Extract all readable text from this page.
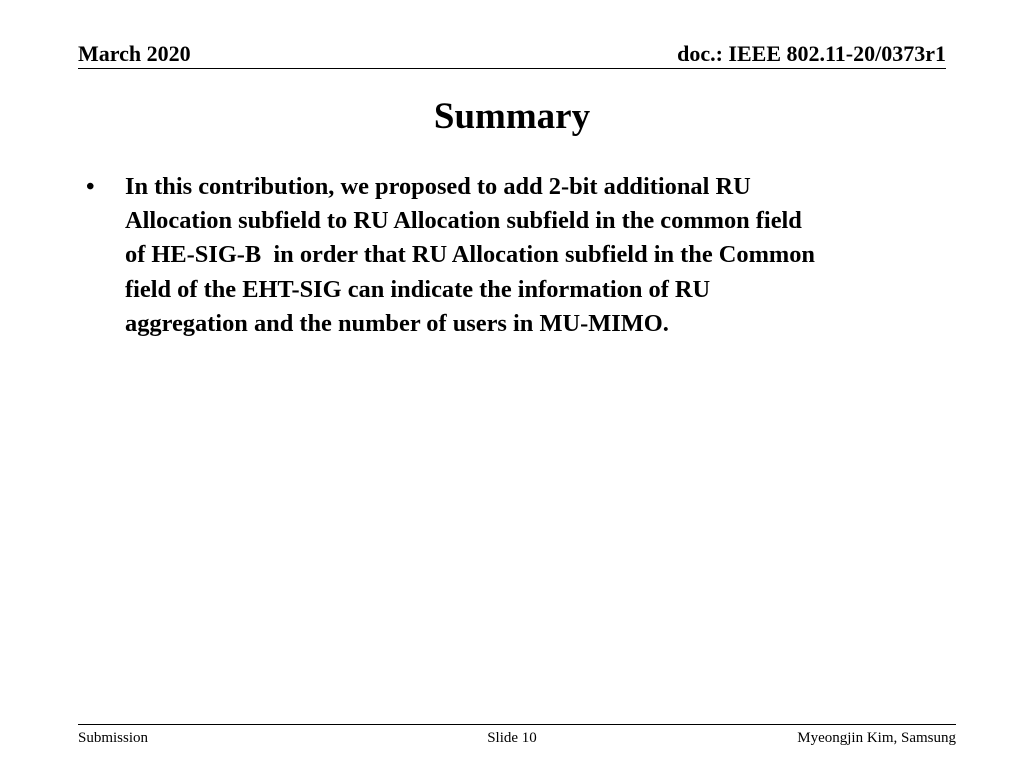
March 2020	doc.: IEEE 802.11-20/0373r1
Summary
• In this contribution, we proposed to add 2-bit additional RU
Allocation subfield to RU Allocation subfield in the common field
of HE-SIG-B  in order that RU Allocation subfield in the Common
field of the EHT-SIG can indicate the information of RU
aggregation and the number of users in MU-MIMO.
Submission	Slide 10	Myeongjin Kim, Samsung
